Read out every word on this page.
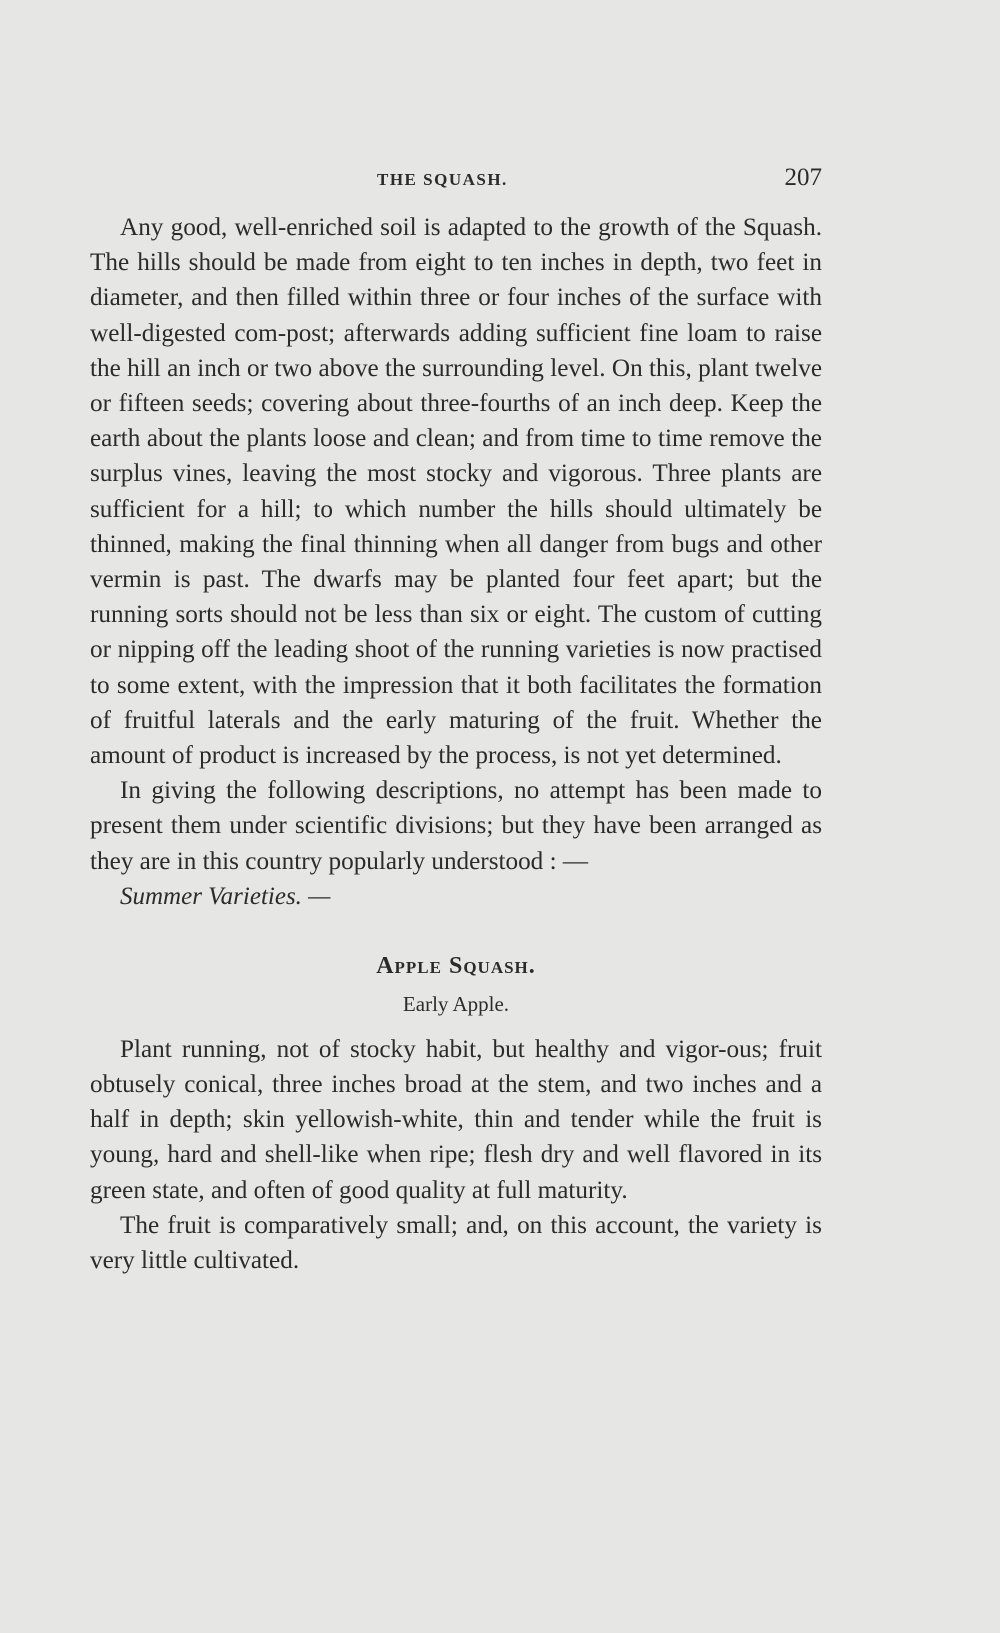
THE SQUASH.	207

Any good, well-enriched soil is adapted to the growth of the Squash. The hills should be made from eight to ten inches in depth, two feet in diameter, and then filled within three or four inches of the surface with well-digested com-post; afterwards adding sufficient fine loam to raise the hill an inch or two above the surrounding level. On this, plant twelve or fifteen seeds; covering about three-fourths of an inch deep. Keep the earth about the plants loose and clean; and from time to time remove the surplus vines, leaving the most stocky and vigorous. Three plants are sufficient for a hill; to which number the hills should ultimately be thinned, making the final thinning when all danger from bugs and other vermin is past. The dwarfs may be planted four feet apart; but the running sorts should not be less than six or eight. The custom of cutting or nipping off the leading shoot of the running varieties is now practised to some extent, with the impression that it both facilitates the formation of fruitful laterals and the early maturing of the fruit. Whether the amount of product is increased by the process, is not yet determined.

In giving the following descriptions, no attempt has been made to present them under scientific divisions; but they have been arranged as they are in this country popularly understood : —

Summer Varieties. —

Apple Squash.
Early Apple.

Plant running, not of stocky habit, but healthy and vigor-ous; fruit obtusely conical, three inches broad at the stem, and two inches and a half in depth; skin yellowish-white, thin and tender while the fruit is young, hard and shell-like when ripe; flesh dry and well flavored in its green state, and often of good quality at full maturity.

The fruit is comparatively small; and, on this account, the variety is very little cultivated.
